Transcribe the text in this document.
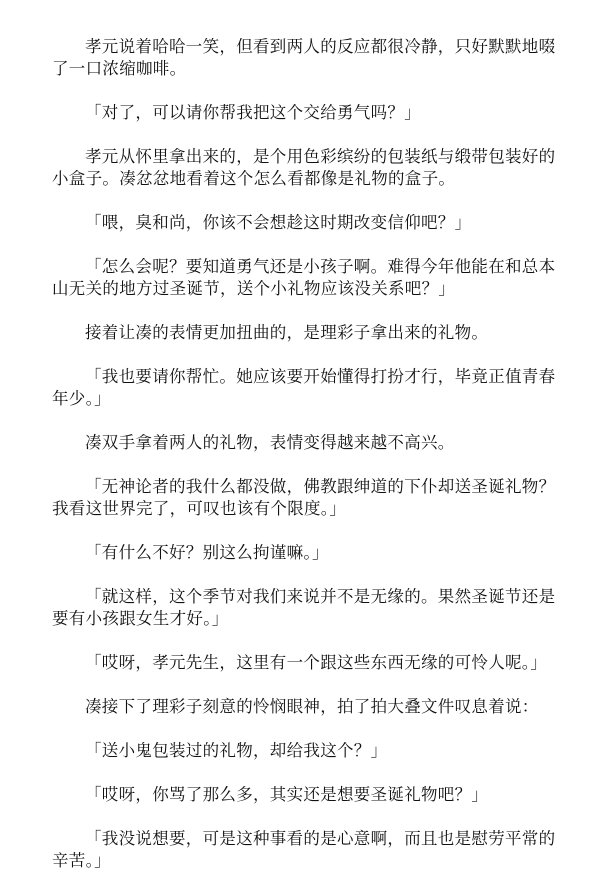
孝元说着哈哈一笑，但看到两人的反应都很冷静，只好默默地啜了一口浓缩咖啡。

「对了，可以请你帮我把这个交给勇气吗？」

孝元从怀里拿出来的，是个用色彩缤纷的包装纸与缎带包装好的小盒子。凑忿忿地看着这个怎么看都像是礼物的盒子。

「喂，臭和尚，你该不会想趁这时期改变信仰吧？」

「怎么会呢？要知道勇气还是小孩子啊。难得今年他能在和总本山无关的地方过圣诞节，送个小礼物应该没关系吧？」

接着让凑的表情更加扭曲的，是理彩子拿出来的礼物。

「我也要请你帮忙。她应该要开始懂得打扮才行，毕竟正值青春年少。」

凑双手拿着两人的礼物，表情变得越来越不高兴。

「无神论者的我什么都没做，佛教跟绅道的下仆却送圣诞礼物？我看这世界完了，可叹也该有个限度。」

「有什么不好？别这么拘谨嘛。」

「就这样，这个季节对我们来说并不是无缘的。果然圣诞节还是要有小孩跟女生才好。」

「哎呀，孝元先生，这里有一个跟这些东西无缘的可怜人呢。」

凑接下了理彩子刻意的怜悯眼神，拍了拍大叠文件叹息着说：

「送小鬼包装过的礼物，却给我这个？」

「哎呀，你骂了那么多，其实还是想要圣诞礼物吧？」

「我没说想要，可是这种事看的是心意啊，而且也是慰劳平常的辛苦。」
